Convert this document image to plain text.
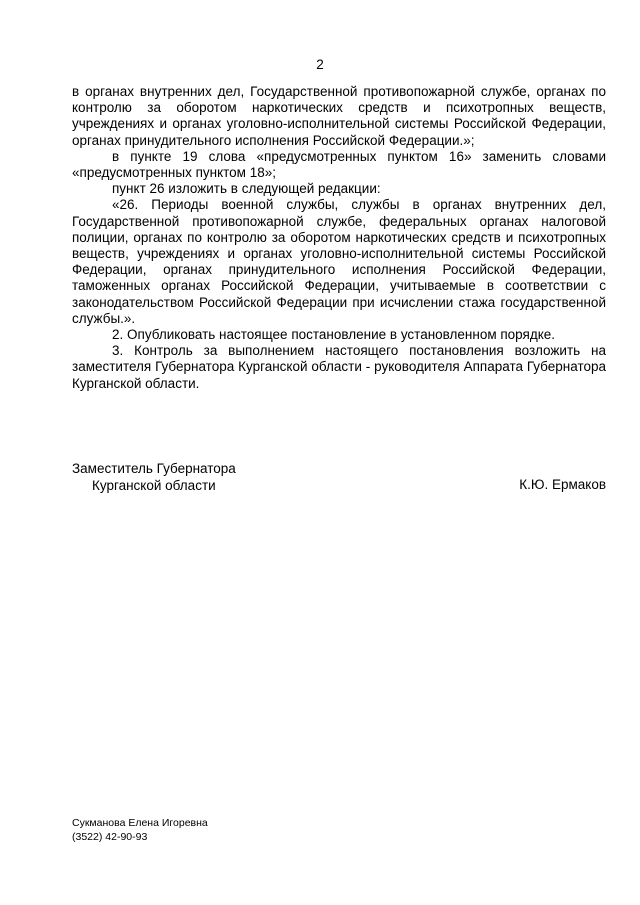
2

в органах внутренних дел, Государственной противопожарной службе, органах по контролю за оборотом наркотических средств и психотропных веществ, учреждениях и органах уголовно-исполнительной системы Российской Федерации, органах принудительного исполнения Российской Федерации.»;

в пункте 19 слова «предусмотренных пунктом 16» заменить словами «предусмотренных пунктом 18»;

пункт 26 изложить в следующей редакции:

«26. Периоды военной службы, службы в органах внутренних дел, Государственной противопожарной службе, федеральных органах налоговой полиции, органах по контролю за оборотом наркотических средств и психотропных веществ, учреждениях и органах уголовно-исполнительной системы Российской Федерации, органах принудительного исполнения Российской Федерации, таможенных органах Российской Федерации, учитываемые в соответствии с законодательством Российской Федерации при исчислении стажа государственной службы.».

2. Опубликовать настоящее постановление в установленном порядке.

3. Контроль за выполнением настоящего постановления возложить на заместителя Губернатора Курганской области - руководителя Аппарата Губернатора Курганской области.

Заместитель Губернатора
Курганской области	К.Ю. Ермаков
Сукманова Елена Игоревна
(3522) 42-90-93
